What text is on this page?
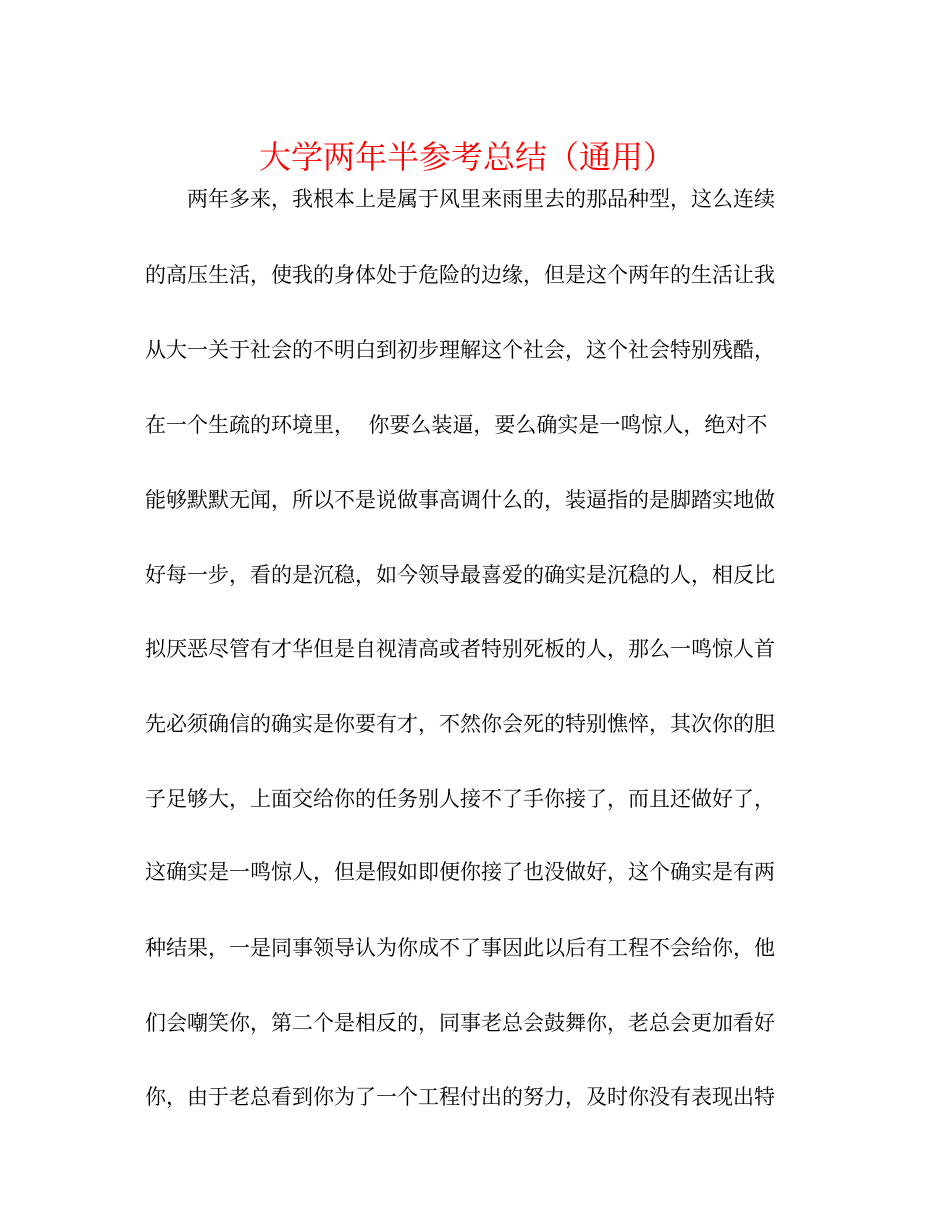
大学两年半参考总结（通用）
两年多来，我根本上是属于风里来雨里去的那品种型，这么连续
的高压生活，使我的身体处于危险的边缘，但是这个两年的生活让我
从大一关于社会的不明白到初步理解这个社会，这个社会特别残酷，
在一个生疏的环境里，  你要么装逼，要么确实是一鸣惊人，绝对不
能够默默无闻，所以不是说做事高调什么的，装逼指的是脚踏实地做
好每一步，看的是沉稳，如今领导最喜爱的确实是沉稳的人，相反比
拟厌恶尽管有才华但是自视清高或者特别死板的人，那么一鸣惊人首
先必须确信的确实是你要有才，不然你会死的特别憔悴，其次你的胆
子足够大，上面交给你的任务别人接不了手你接了，而且还做好了，
这确实是一鸣惊人，但是假如即便你接了也没做好，这个确实是有两
种结果，一是同事领导认为你成不了事因此以后有工程不会给你，他
们会嘲笑你，第二个是相反的，同事老总会鼓舞你，老总会更加看好
你，由于老总看到你为了一个工程付出的努力，及时你没有表现出特
